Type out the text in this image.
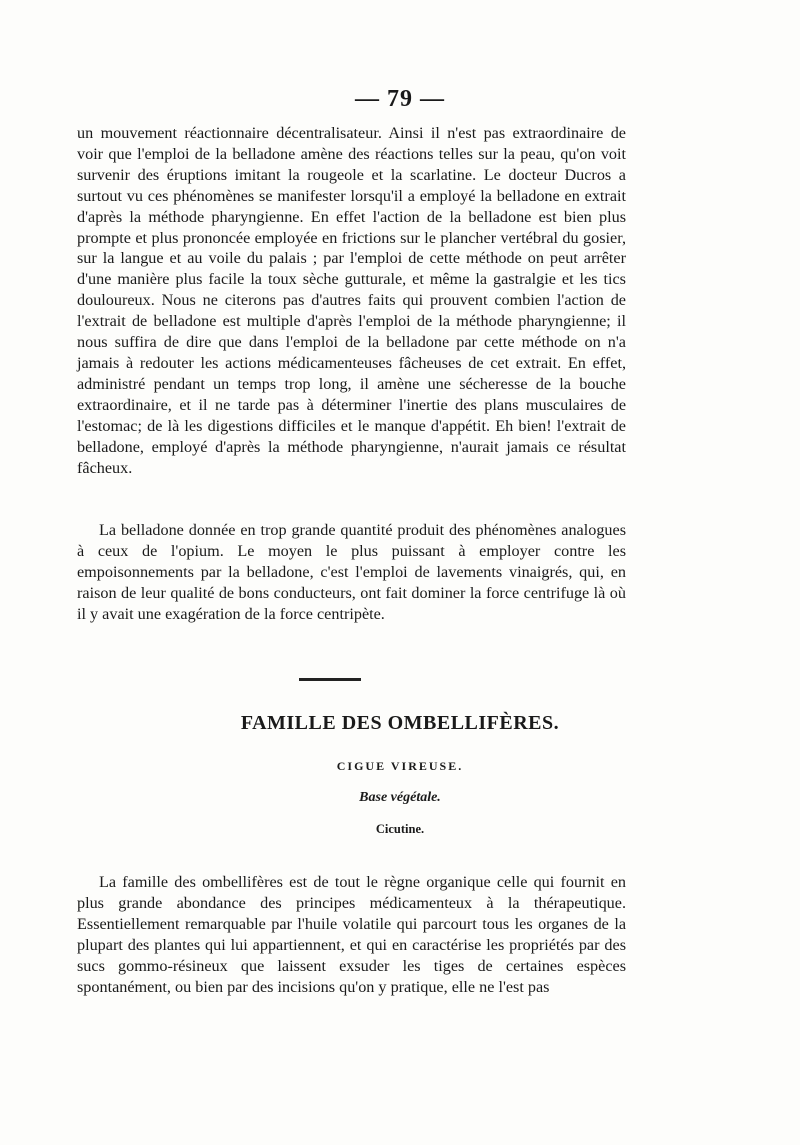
— 79 —

un mouvement réactionnaire décentralisateur. Ainsi il n'est pas extraordinaire de voir que l'emploi de la belladone amène des réactions telles sur la peau, qu'on voit survenir des éruptions imitant la rougeole et la scarlatine. Le docteur Ducros a surtout vu ces phénomènes se manifester lorsqu'il a employé la belladone en extrait d'après la méthode pharyngienne. En effet l'action de la belladone est bien plus prompte et plus prononcée employée en frictions sur le plancher vertébral du gosier, sur la langue et au voile du palais ; par l'emploi de cette méthode on peut arrêter d'une manière plus facile la toux sèche gutturale, et même la gastralgie et les tics douloureux. Nous ne citerons pas d'autres faits qui prouvent combien l'action de l'extrait de belladone est multiple d'après l'emploi de la méthode pharyngienne; il nous suffira de dire que dans l'emploi de la belladone par cette méthode on n'a jamais à redouter les actions médicamenteuses fâcheuses de cet extrait. En effet, administré pendant un temps trop long, il amène une sécheresse de la bouche extraordinaire, et il ne tarde pas à déterminer l'inertie des plans musculaires de l'estomac; de là les digestions difficiles et le manque d'appétit. Eh bien! l'extrait de belladone, employé d'après la méthode pharyngienne, n'aurait jamais ce résultat fâcheux.

La belladone donnée en trop grande quantité produit des phénomènes analogues à ceux de l'opium. Le moyen le plus puissant à employer contre les empoisonnements par la belladone, c'est l'emploi de lavements vinaigrés, qui, en raison de leur qualité de bons conducteurs, ont fait dominer la force centrifuge là où il y avait une exagération de la force centripète.

FAMILLE DES OMBELLIFÈRES.
CIGUE VIREUSE.
Base végétale.
Cicutine.

La famille des ombellifères est de tout le règne organique celle qui fournit en plus grande abondance des principes médicamenteux à la thérapeutique. Essentiellement remarquable par l'huile volatile qui parcourt tous les organes de la plupart des plantes qui lui appartiennent, et qui en caractérise les propriétés par des sucs gommo-résineux que laissent exsuder les tiges de certaines espèces spontanément, ou bien par des incisions qu'on y pratique, elle ne l'est pas
